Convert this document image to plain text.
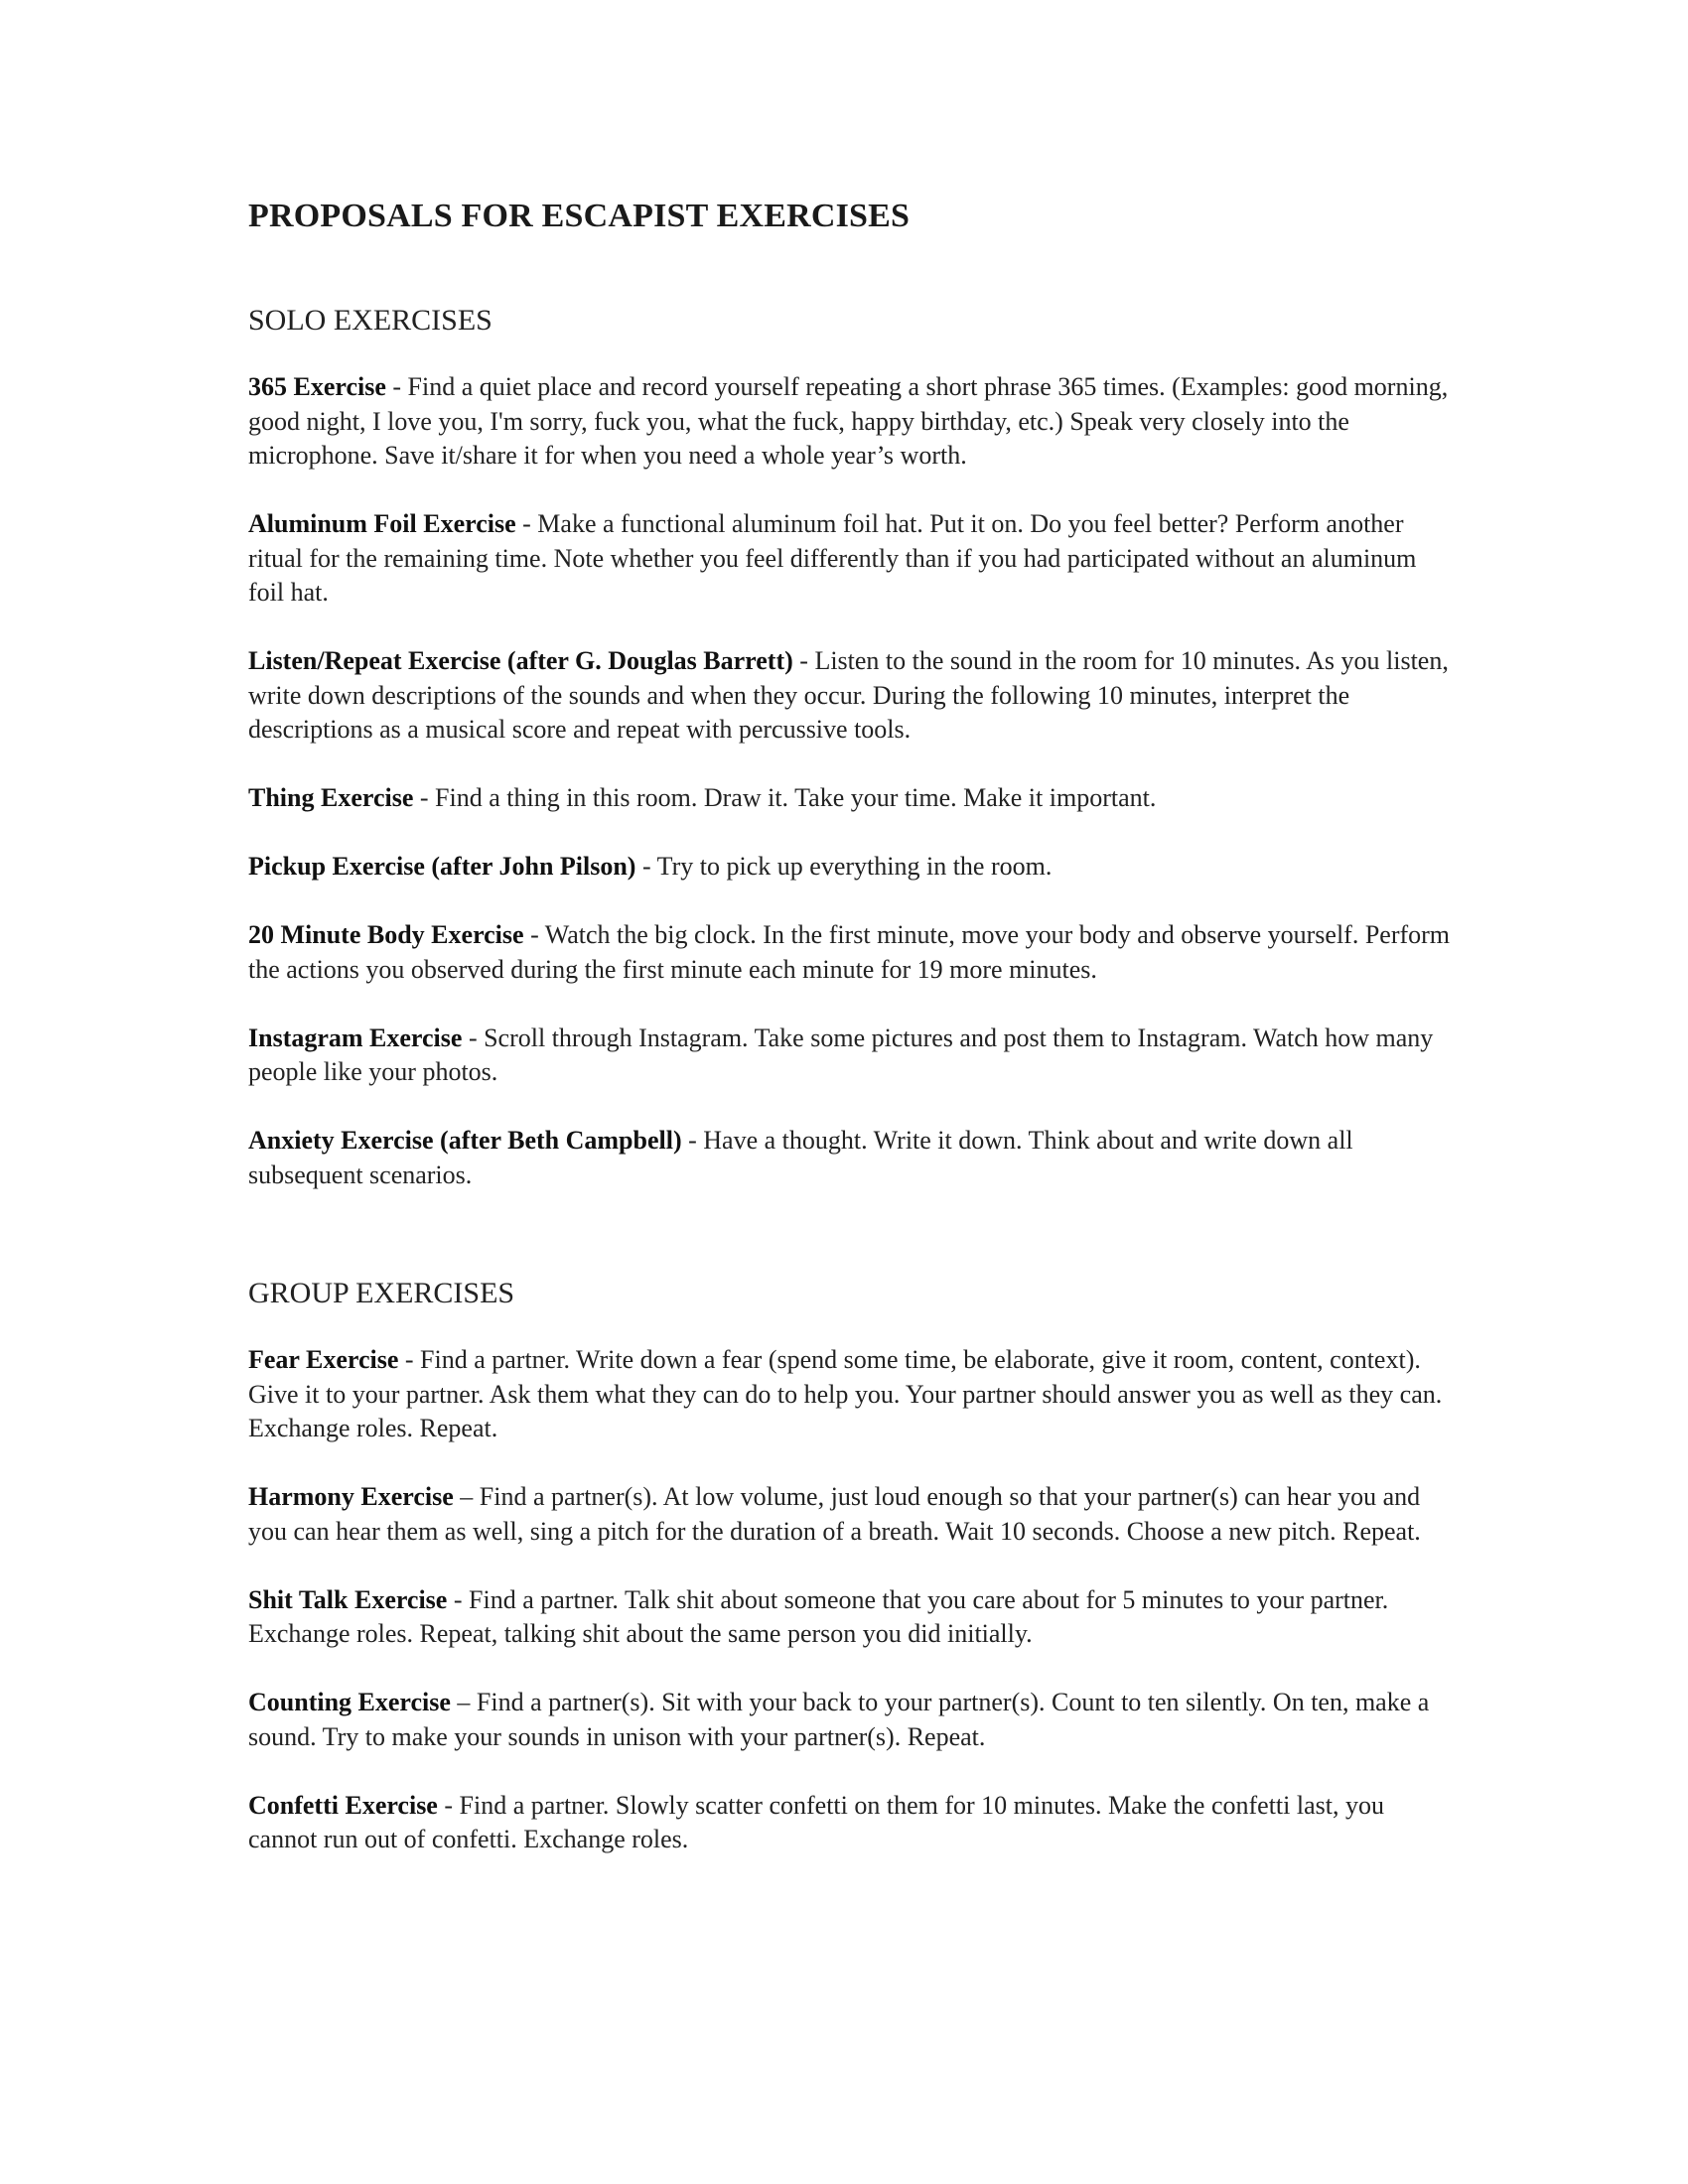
PROPOSALS FOR ESCAPIST EXERCISES
SOLO EXERCISES

365 Exercise - Find a quiet place and record yourself repeating a short phrase 365 times. (Examples: good morning, good night, I love you, I'm sorry, fuck you, what the fuck, happy birthday, etc.) Speak very closely into the microphone. Save it/share it for when you need a whole year’s worth.

Aluminum Foil Exercise - Make a functional aluminum foil hat. Put it on. Do you feel better? Perform another ritual for the remaining time. Note whether you feel differently than if you had participated without an aluminum foil hat.

Listen/Repeat Exercise (after G. Douglas Barrett) - Listen to the sound in the room for 10 minutes. As you listen, write down descriptions of the sounds and when they occur. During the following 10 minutes, interpret the descriptions as a musical score and repeat with percussive tools.

Thing Exercise - Find a thing in this room. Draw it. Take your time. Make it important.

Pickup Exercise (after John Pilson) - Try to pick up everything in the room.

20 Minute Body Exercise - Watch the big clock. In the first minute, move your body and observe yourself. Perform the actions you observed during the first minute each minute for 19 more minutes.

Instagram Exercise - Scroll through Instagram. Take some pictures and post them to Instagram. Watch how many people like your photos.

Anxiety Exercise (after Beth Campbell) - Have a thought. Write it down. Think about and write down all subsequent scenarios.

GROUP EXERCISES

Fear Exercise - Find a partner. Write down a fear (spend some time, be elaborate, give it room, content, context). Give it to your partner. Ask them what they can do to help you. Your partner should answer you as well as they can. Exchange roles. Repeat.

Harmony Exercise – Find a partner(s). At low volume, just loud enough so that your partner(s) can hear you and you can hear them as well, sing a pitch for the duration of a breath. Wait 10 seconds. Choose a new pitch. Repeat.

Shit Talk Exercise - Find a partner. Talk shit about someone that you care about for 5 minutes to your partner. Exchange roles. Repeat, talking shit about the same person you did initially.

Counting Exercise – Find a partner(s). Sit with your back to your partner(s). Count to ten silently. On ten, make a sound. Try to make your sounds in unison with your partner(s). Repeat.

Confetti Exercise - Find a partner. Slowly scatter confetti on them for 10 minutes. Make the confetti last, you cannot run out of confetti. Exchange roles.
